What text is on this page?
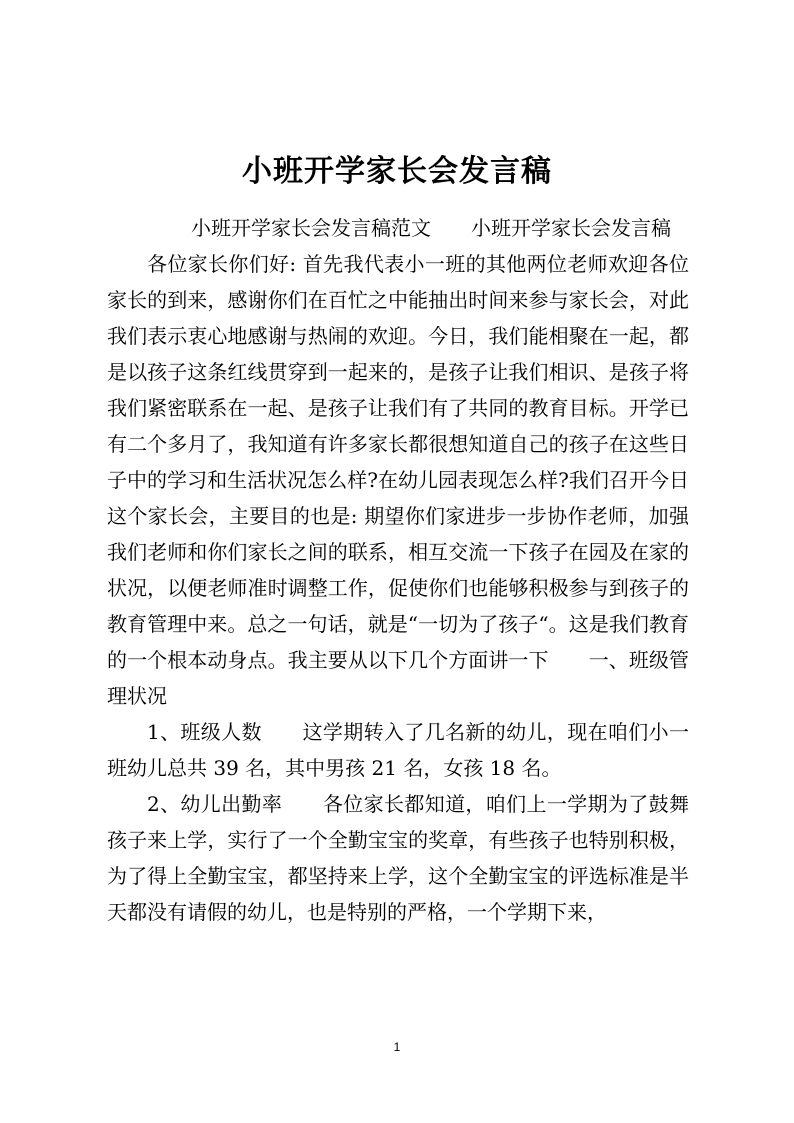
小班开学家长会发言稿

小班开学家长会发言稿范文　　小班开学家长会发言稿

各位家长你们好: 首先我代表小一班的其他两位老师欢迎各位家长的到来，感谢你们在百忙之中能抽出时间来参与家长会，对此我们表示衷心地感谢与热闹的欢迎。今日，我们能相聚在一起，都是以孩子这条红线贯穿到一起来的，是孩子让我们相识、是孩子将我们紧密联系在一起、是孩子让我们有了共同的教育目标。开学已有二个多月了，我知道有许多家长都很想知道自己的孩子在这些日子中的学习和生活状况怎么样?在幼儿园表现怎么样?我们召开今日这个家长会，主要目的也是: 期望你们家进步一步协作老师，加强我们老师和你们家长之间的联系，相互交流一下孩子在园及在家的状况，以便老师准时调整工作，促使你们也能够积极参与到孩子的教育管理中来。总之一句话，就是“一切为了孩子“。这是我们教育的一个根本动身点。我主要从以下几个方面讲一下　　一、班级管理状况

1、班级人数　　这学期转入了几名新的幼儿，现在咱们小一班幼儿总共 39 名，其中男孩 21 名，女孩 18 名。

2、幼儿出勤率　　各位家长都知道，咱们上一学期为了鼓舞孩子来上学，实行了一个全勤宝宝的奖章，有些孩子也特别积极，为了得上全勤宝宝，都坚持来上学，这个全勤宝宝的评选标准是半天都没有请假的幼儿，也是特别的严格，一个学期下来，

1
